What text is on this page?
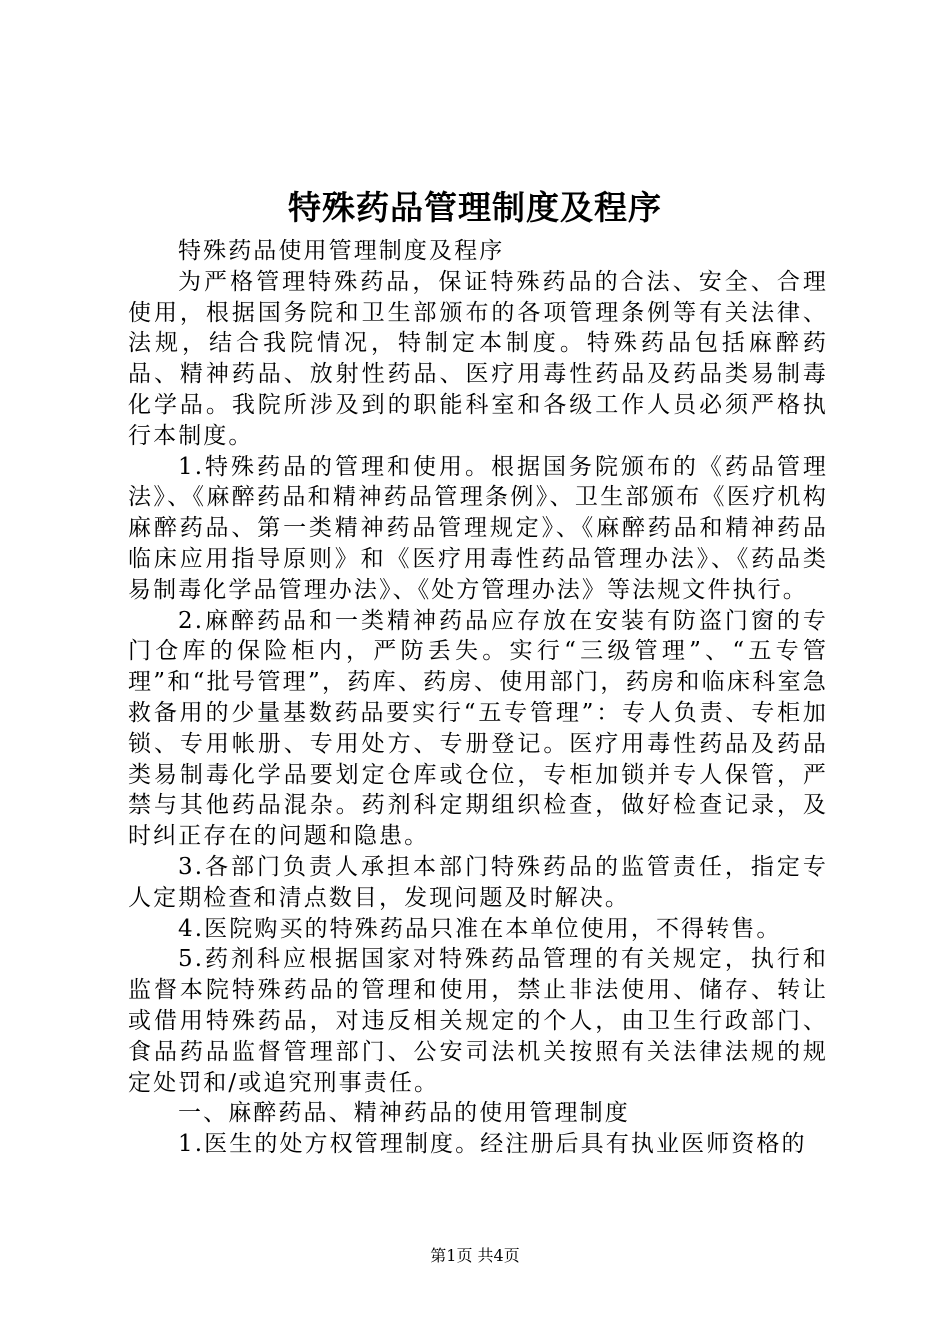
特殊药品管理制度及程序

特殊药品使用管理制度及程序

为严格管理特殊药品，保证特殊药品的合法、安全、合理使用，根据国务院和卫生部颁布的各项管理条例等有关法律、法规，结合我院情况，特制定本制度。特殊药品包括麻醉药品、精神药品、放射性药品、医疗用毒性药品及药品类易制毒化学品。我院所涉及到的职能科室和各级工作人员必须严格执行本制度。

1.特殊药品的管理和使用。根据国务院颁布的《药品管理法》、《麻醉药品和精神药品管理条例》、卫生部颁布《医疗机构麻醉药品、第一类精神药品管理规定》、《麻醉药品和精神药品临床应用指导原则》和《医疗用毒性药品管理办法》、《药品类易制毒化学品管理办法》、《处方管理办法》等法规文件执行。

2.麻醉药品和一类精神药品应存放在安装有防盗门窗的专门仓库的保险柜内，严防丢失。实行“三级管理”、“五专管理”和“批号管理”，药库、药房、使用部门，药房和临床科室急救备用的少量基数药品要实行“五专管理”：专人负责、专柜加锁、专用帐册、专用处方、专册登记。医疗用毒性药品及药品类易制毒化学品要划定仓库或仓位，专柜加锁并专人保管，严禁与其他药品混杂。药剂科定期组织检查，做好检查记录，及时纠正存在的问题和隐患。

3.各部门负责人承担本部门特殊药品的监管责任，指定专人定期检查和清点数目，发现问题及时解决。

4.医院购买的特殊药品只准在本单位使用，不得转售。

5.药剂科应根据国家对特殊药品管理的有关规定，执行和监督本院特殊药品的管理和使用，禁止非法使用、储存、转让或借用特殊药品，对违反相关规定的个人，由卫生行政部门、食品药品监督管理部门、公安司法机关按照有关法律法规的规定处罚和/或追究刑事责任。

一、麻醉药品、精神药品的使用管理制度

1.医生的处方权管理制度。经注册后具有执业医师资格的

第1页 共4页
